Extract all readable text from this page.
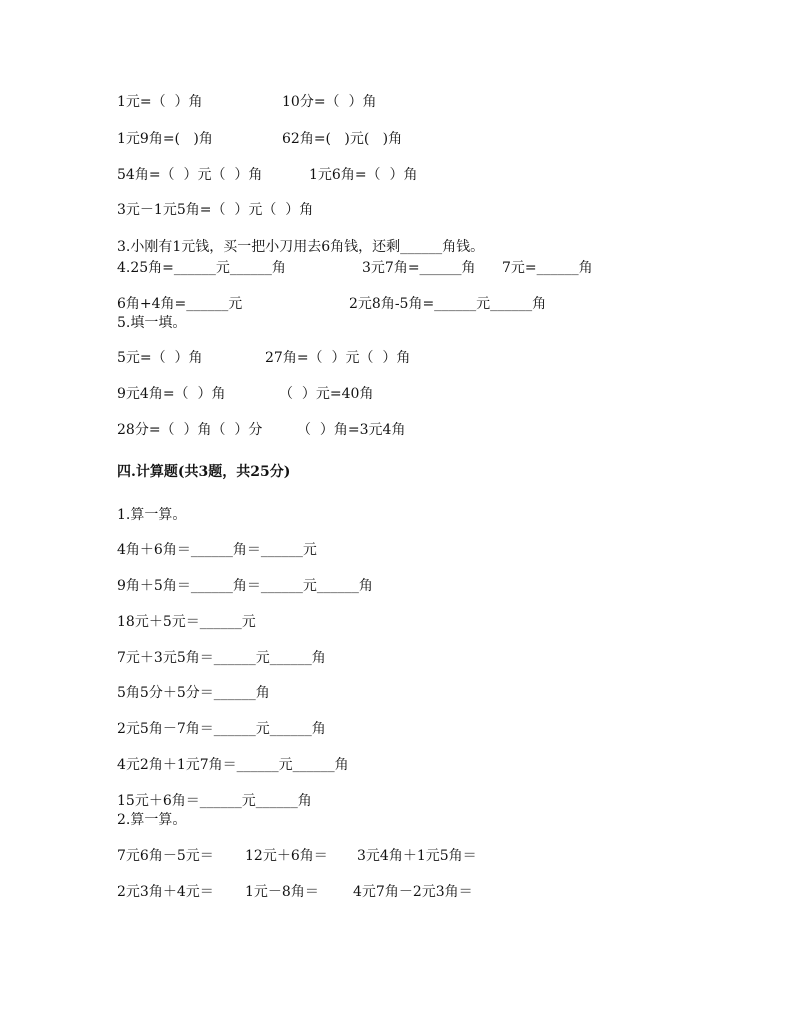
1元=（  ）角	10分=（  ）角
1元9角=(   )角	62角=(   )元(   )角
54角=（  ）元（  ）角	1元6角=（  ）角
3元－1元5角=（  ）元（  ）角
3.小刚有1元钱，买一把小刀用去6角钱，还剩______角钱。
4.25角=______元______角	3元7角=______角 7元=______角
6角+4角=______元	2元8角-5角=______元______角
5.填一填。
5元=（  ）角	27角=（  ）元（  ）角
9元4角=（  ）角	（  ）元=40角
28分=（  ）角（  ）分 （  ）角=3元4角
四.计算题(共3题，共25分)
1.算一算。
4角＋6角＝______角＝______元
9角＋5角＝______角＝______元______角
18元＋5元＝______元
7元＋3元5角＝______元______角
5角5分＋5分＝______角
2元5角－7角＝______元______角
4元2角＋1元7角＝______元______角
15元＋6角＝______元______角
2.算一算。
7元6角－5元＝ 12元＋6角＝ 3元4角＋1元5角＝
2元3角＋4元＝ 1元－8角＝ 4元7角－2元3角＝
